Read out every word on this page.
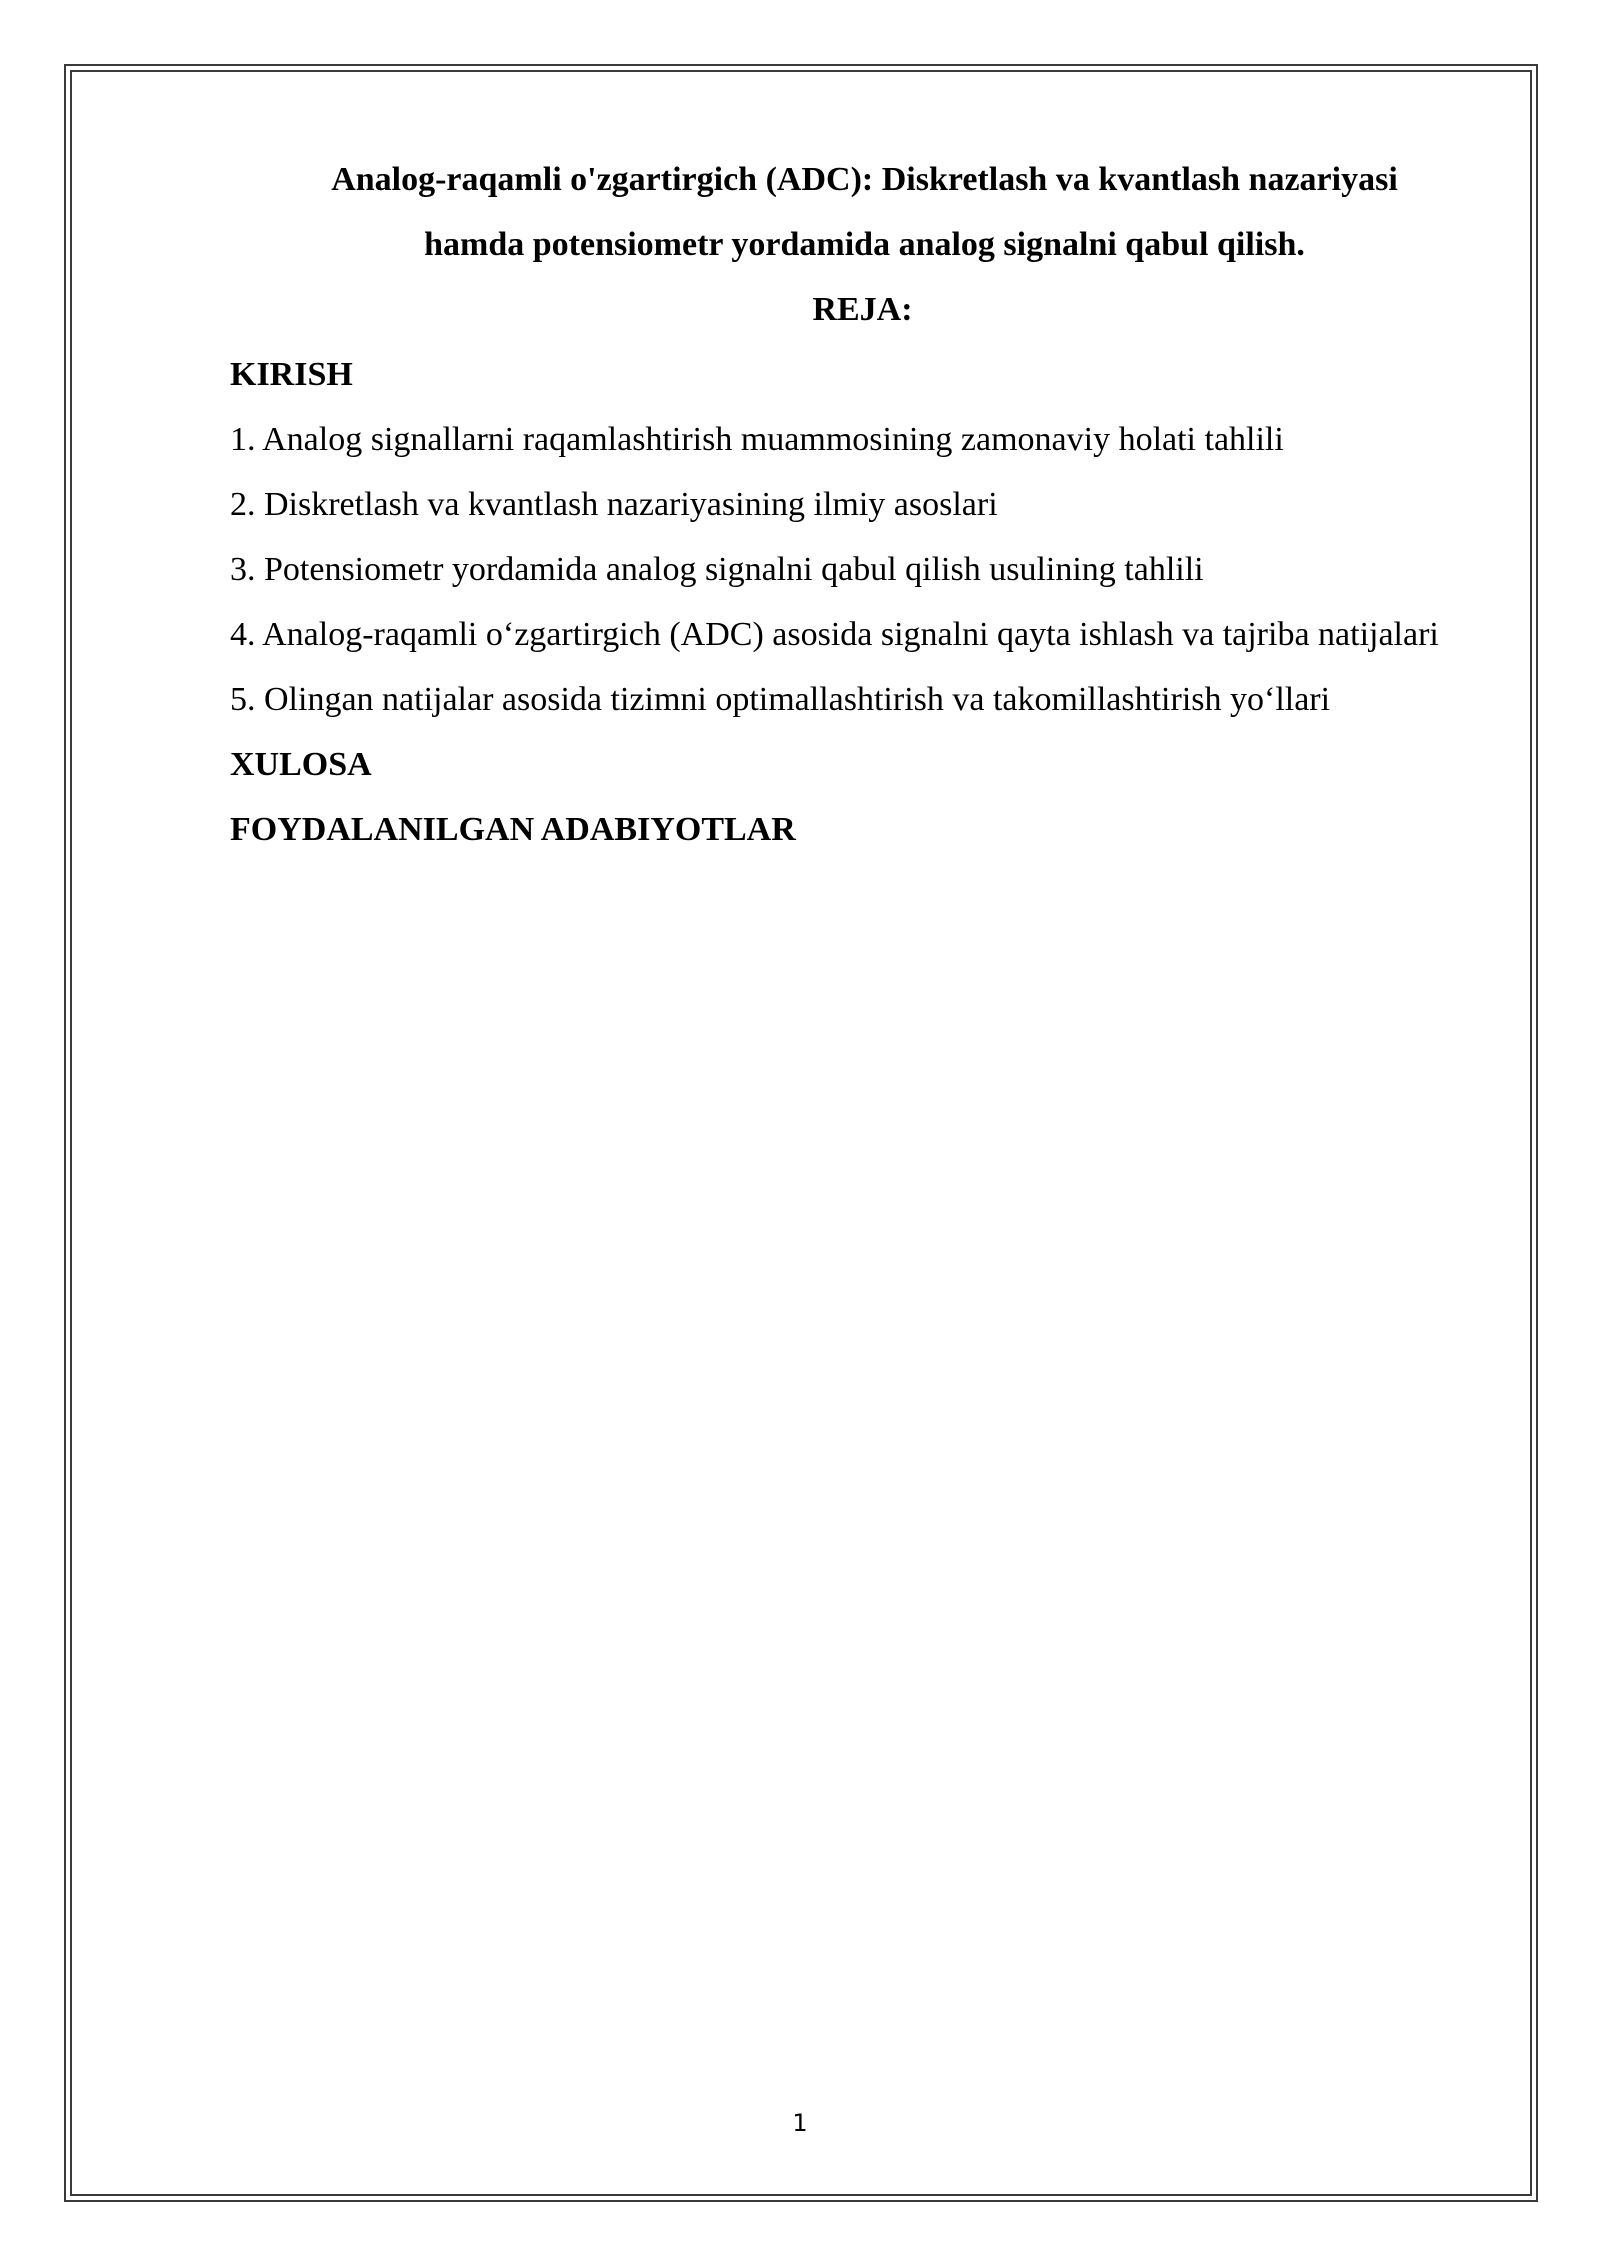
Analog-raqamli o'zgartirgich (ADC): Diskretlash va kvantlash nazariyasi
hamda potensiometr yordamida analog signalni qabul qilish.

REJA:

KIRISH

1. Analog signallarni raqamlashtirish muammosining zamonaviy holati tahlili

2. Diskretlash va kvantlash nazariyasining ilmiy asoslari

3. Potensiometr yordamida analog signalni qabul qilish usulining tahlili

4. Analog-raqamli o‘zgartirgich (ADC) asosida signalni qayta ishlash va tajriba natijalari

5. Olingan natijalar asosida tizimni optimallashtirish va takomillashtirish yo‘llari

XULOSA

FOYDALANILGAN ADABIYOTLAR

1
